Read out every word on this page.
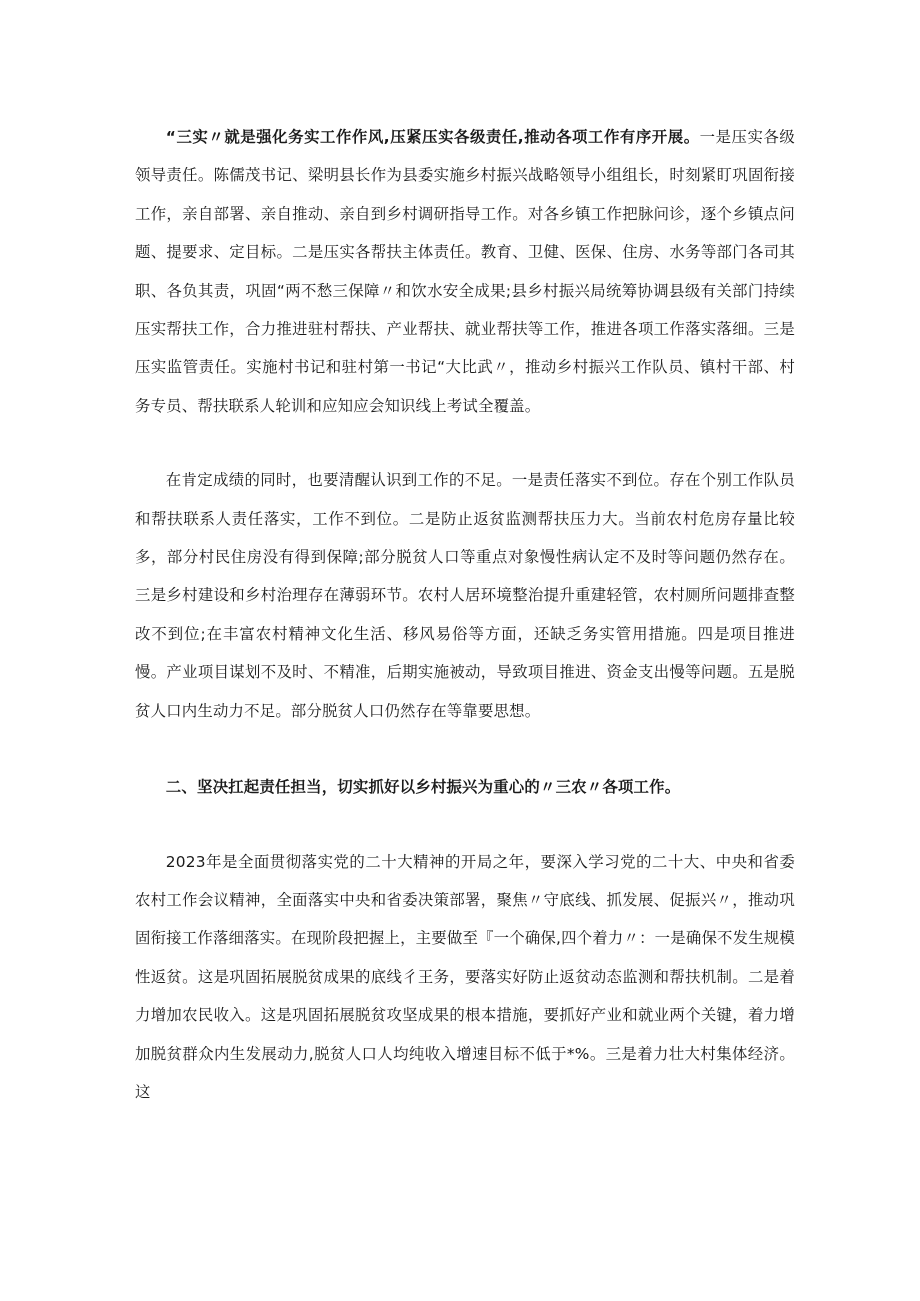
“三实〃就是强化务实工作作风,压紧压实各级责任,推动各项工作有序开展。一是压实各级领导责任。陈儒茂书记、梁明县长作为县委实施乡村振兴战略领导小组组长，时刻紧盯巩固衔接工作，亲自部署、亲自推动、亲自到乡村调研指导工作。对各乡镇工作把脉问诊，逐个乡镇点问题、提要求、定目标。二是压实各帮扶主体责任。教育、卫健、医保、住房、水务等部门各司其职、各负其责，巩固“两不愁三保障〃和饮水安全成果;县乡村振兴局统筹协调县级有关部门持续压实帮扶工作，合力推进驻村帮扶、产业帮扶、就业帮扶等工作，推进各项工作落实落细。三是压实监管责任。实施村书记和驻村第一书记“大比武〃，推动乡村振兴工作队员、镇村干部、村务专员、帮扶联系人轮训和应知应会知识线上考试全覆盖。

在肯定成绩的同时，也要清醒认识到工作的不足。一是责任落实不到位。存在个别工作队员和帮扶联系人责任落实，工作不到位。二是防止返贫监测帮扶压力大。当前农村危房存量比较多，部分村民住房没有得到保障;部分脱贫人口等重点对象慢性病认定不及时等问题仍然存在。三是乡村建设和乡村治理存在薄弱环节。农村人居环境整治提升重建轻管，农村厕所问题排查整改不到位;在丰富农村精神文化生活、移风易俗等方面，还缺乏务实管用措施。四是项目推进慢。产业项目谋划不及时、不精准，后期实施被动，导致项目推进、资金支出慢等问题。五是脱贫人口内生动力不足。部分脱贫人口仍然存在等靠要思想。

二、坚决扛起责任担当，切实抓好以乡村振兴为重心的〃三农〃各项工作。

2023年是全面贯彻落实党的二十大精神的开局之年，要深入学习党的二十大、中央和省委农村工作会议精神，全面落实中央和省委决策部署，聚焦〃守底线、抓发展、促振兴〃，推动巩固衔接工作落细落实。在现阶段把握上，主要做至『一个确保,四个着力〃：一是确保不发生规模性返贫。这是巩固拓展脱贫成果的底线彳王务，要落实好防止返贫动态监测和帮扶机制。二是着力增加农民收入。这是巩固拓展脱贫攻坚成果的根本措施，要抓好产业和就业两个关键，着力增加脱贫群众内生发展动力,脱贫人口人均纯收入增速目标不低于*%。三是着力壮大村集体经济。这
